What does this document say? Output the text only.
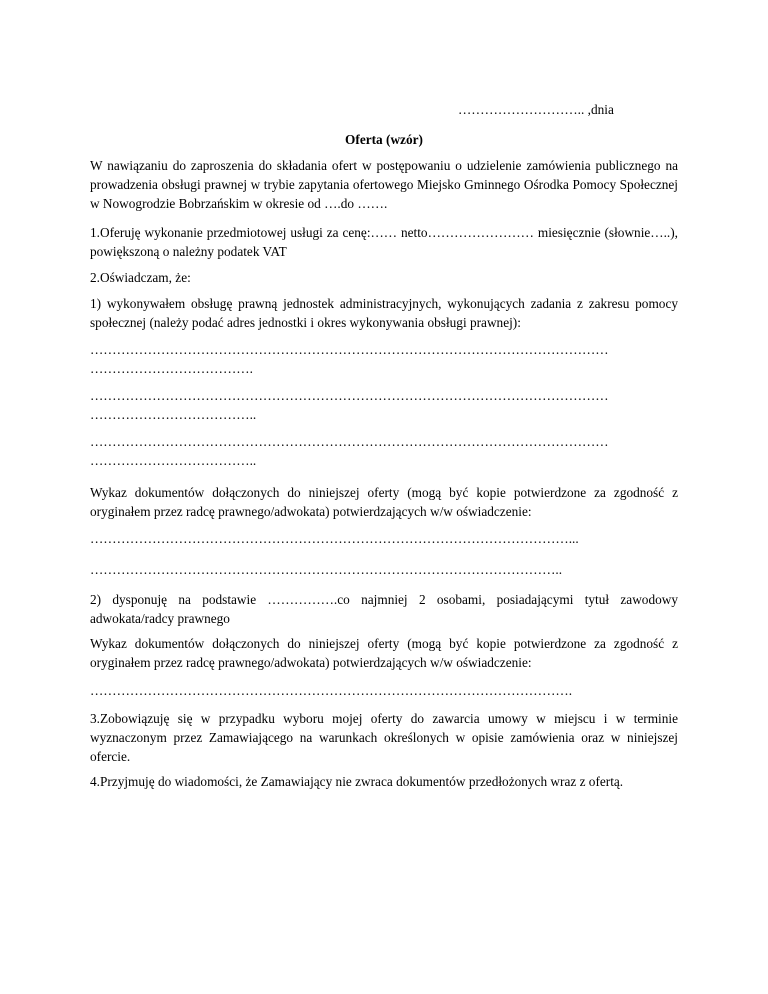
……………………….. ,dnia
Oferta (wzór)
W nawiązaniu do zaproszenia do składania ofert w postępowaniu o udzielenie zamówienia publicznego na prowadzenia obsługi prawnej w trybie zapytania ofertowego Miejsko Gminnego Ośrodka Pomocy Społecznej w Nowogrodzie Bobrzańskim w okresie od ….do …….
1.Oferuję wykonanie przedmiotowej usługi za cenę:…… netto…………………… miesięcznie (słownie…..), powiększoną o należny podatek VAT
2.Oświadczam, że:
1) wykonywałem obsługę prawną jednostek administracyjnych, wykonujących zadania z zakresu pomocy społecznej (należy podać adres jednostki i okres wykonywania obsługi prawnej):
………………………………………………………………………………………………………
……………………………….
………………………………………………………………………………………………………
………………………………..
………………………………………………………………………………………………………
………………………………..
Wykaz dokumentów dołączonych do niniejszej oferty (mogą być kopie potwierdzone za zgodność z oryginałem przez radcę prawnego/adwokata) potwierdzających w/w oświadczenie:
………………………………………………………………………………………………...
……………………………………………………………………………………………..
2) dysponuję na podstawie …………….co najmniej 2 osobami, posiadającymi tytuł zawodowy adwokata/radcy prawnego
Wykaz dokumentów dołączonych do niniejszej oferty (mogą być kopie potwierdzone za zgodność z oryginałem przez radcę prawnego/adwokata) potwierdzających w/w oświadczenie:
……………………………………………………………………………………………….
3.Zobowiązuję się w przypadku wyboru mojej oferty do zawarcia umowy w miejscu i w terminie wyznaczonym przez Zamawiającego na warunkach określonych w opisie zamówienia oraz w niniejszej ofercie.
4.Przyjmuję do wiadomości, że Zamawiający nie zwraca dokumentów przedłożonych wraz z ofertą.
